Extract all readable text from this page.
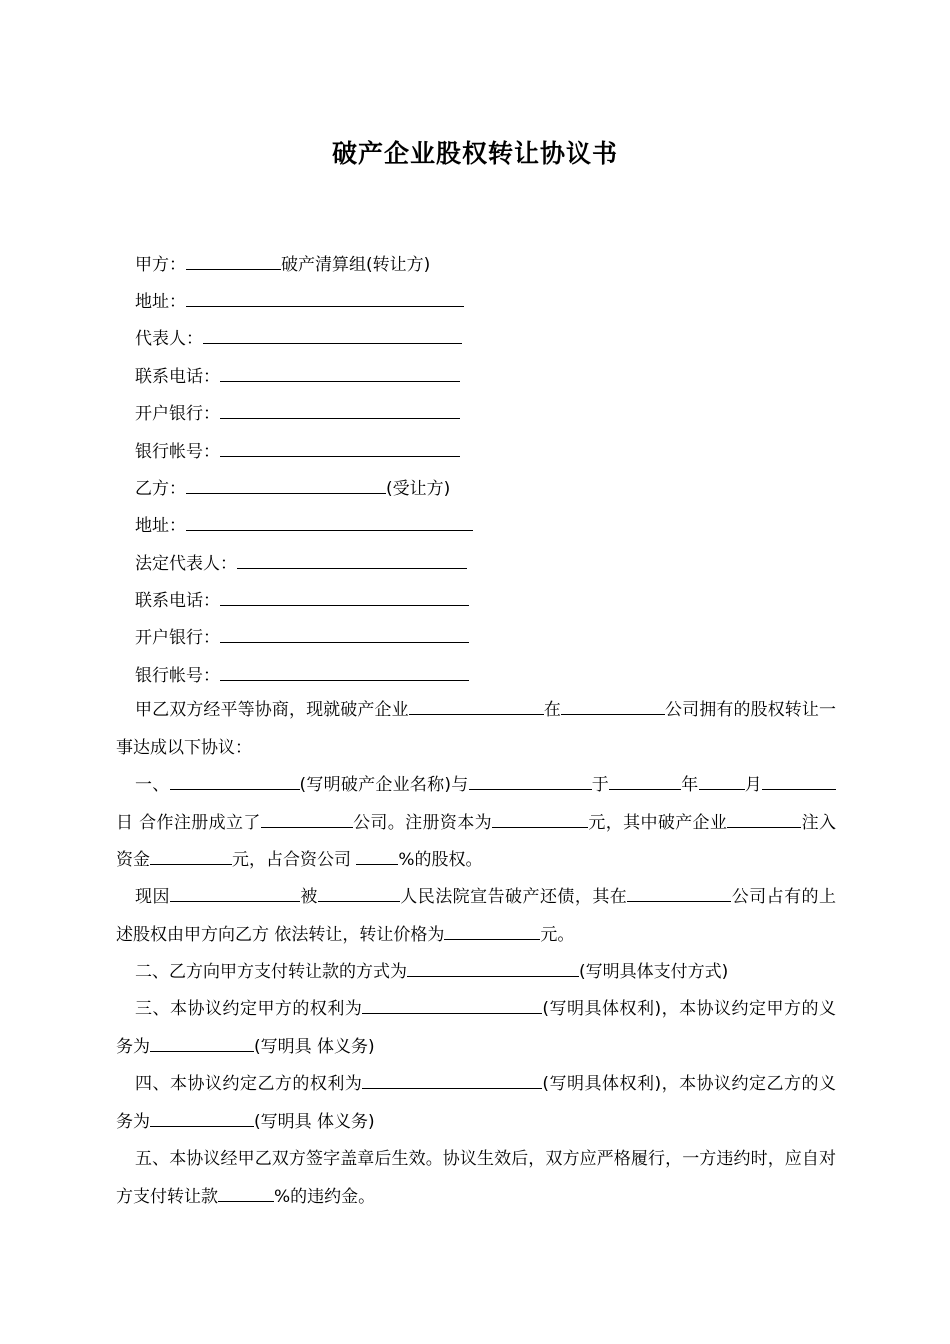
破产企业股权转让协议书
甲方：	破产清算组(转让方)
地址：
代表人：
联系电话：
开户银行：
银行帐号：
乙方：	(受让方)
地址：
法定代表人：
联系电话：
开户银行：
银行帐号：
甲乙双方经平等协商，现就破产企业	在	公司拥有的股权转让一事达成以下协议：
一、	(写明破产企业名称)与	于	年	月日 合作注册成立了	公司。注册资本为	元，其中破产企业	注入资金	元，占合资公司 %的股权。
现因	被	人民法院宣告破产还债，其在	公司占有的上述股权由甲方向乙方 依法转让，转让价格为	元。
二、乙方向甲方支付转让款的方式为	(写明具体支付方式)
三、本协议约定甲方的权利为	(写明具体权利)，本协议约定甲方的义务为	(写明具 体义务)
四、本协议约定乙方的权利为	(写明具体权利)，本协议约定乙方的义务为	(写明具 体义务)
五、本协议经甲乙双方签字盖章后生效。协议生效后，双方应严格履行，一方违约时，应自对方支付转让款	%的违约金。
